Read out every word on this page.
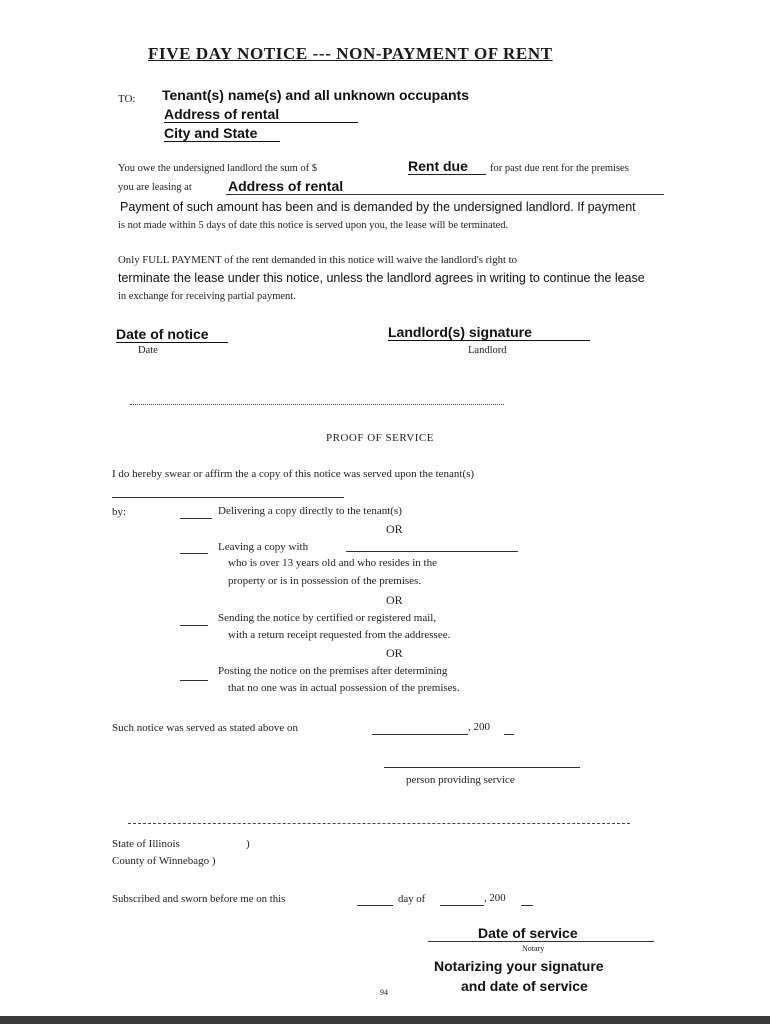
FIVE DAY NOTICE --- NON-PAYMENT OF RENT
TO: Tenant(s) name(s) and all unknown occupants
Address of rental
City and State
You owe the undersigned landlord the sum of $	Rent due	for past due rent for the premises
you are leasing at	Address of rental
Payment of such amount has been and is demanded by the undersigned landlord. If payment
is not made within 5 days of date this notice is served upon you, the lease will be terminated.
Only FULL PAYMENT of the rent demanded in this notice will waive the landlord's right to
terminate the lease under this notice, unless the landlord agrees in writing to continue the lease
in exchange for receiving partial payment.
Date of notice
Date
Landlord(s) signature
Landlord
PROOF OF SERVICE
I do hereby swear or affirm the a copy of this notice was served upon the tenant(s)
by:	Delivering a copy directly to the tenant(s)
OR
Leaving a copy with
who is over 13 years old and who resides in the
property or is in possession of the premises.
OR
Sending the notice by certified or registered mail,
with a return receipt requested from the addressee.
OR
Posting the notice on the premises after determining
that no one was in actual possession of the premises.
Such notice was served as stated above on	, 200
person providing service
State of Illinois	)
County of Winnebago )
Subscribed and sworn before me on this	day of	, 200
Date of service
Notary
Notarizing your signature
and date of service
94
